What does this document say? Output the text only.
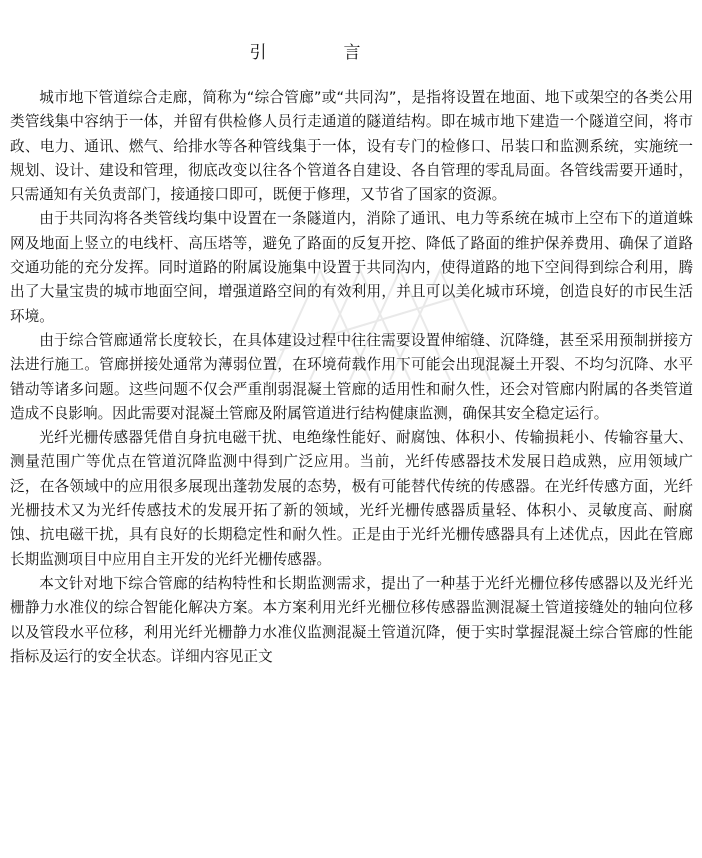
引　言

城市地下管道综合走廊，简称为“综合管廊”或“共同沟”，是指将设置在地面、地下或架空的各类公用类管线集中容纳于一体，并留有供检修人员行走通道的隧道结构。即在城市地下建造一个隧道空间，将市政、电力、通讯、燃气、给排水等各种管线集于一体，设有专门的检修口、吊装口和监测系统，实施统一规划、设计、建设和管理，彻底改变以往各个管道各自建设、各自管理的零乱局面。各管线需要开通时，只需通知有关负责部门，接通接口即可，既便于修理，又节省了国家的资源。

由于共同沟将各类管线均集中设置在一条隧道内，消除了通讯、电力等系统在城市上空布下的道道蛛网及地面上竖立的电线杆、高压塔等，避免了路面的反复开挖、降低了路面的维护保养费用、确保了道路交通功能的充分发挥。同时道路的附属设施集中设置于共同沟内，使得道路的地下空间得到综合利用，腾出了大量宝贵的城市地面空间，增强道路空间的有效利用，并且可以美化城市环境，创造良好的市民生活环境。

由于综合管廊通常长度较长，在具体建设过程中往往需要设置伸缩缝、沉降缝，甚至采用预制拼接方法进行施工。管廊拼接处通常为薄弱位置，在环境荷载作用下可能会出现混凝土开裂、不均匀沉降、水平错动等诸多问题。这些问题不仅会严重削弱混凝土管廊的适用性和耐久性，还会对管廊内附属的各类管道造成不良影响。因此需要对混凝土管廊及附属管道进行结构健康监测，确保其安全稳定运行。

光纤光栅传感器凭借自身抗电磁干扰、电绝缘性能好、耐腐蚀、体积小、传输损耗小、传输容量大、测量范围广等优点在管道沉降监测中得到广泛应用。当前，光纤传感器技术发展日趋成熟，应用领域广泛，在各领域中的应用很多展现出蓬勃发展的态势，极有可能替代传统的传感器。在光纤传感方面，光纤光栅技术又为光纤传感技术的发展开拓了新的领域，光纤光栅传感器质量轻、体积小、灵敏度高、耐腐蚀、抗电磁干扰，具有良好的长期稳定性和耐久性。正是由于光纤光栅传感器具有上述优点，因此在管廊长期监测项目中应用自主开发的光纤光栅传感器。

本文针对地下综合管廊的结构特性和长期监测需求，提出了一种基于光纤光栅位移传感器以及光纤光栅静力水准仪的综合智能化解决方案。本方案利用光纤光栅位移传感器监测混凝土管道接缝处的轴向位移以及管段水平位移，利用光纤光栅静力水准仪监测混凝土管道沉降，便于实时掌握混凝土综合管廊的性能指标及运行的安全状态。详细内容见正文
